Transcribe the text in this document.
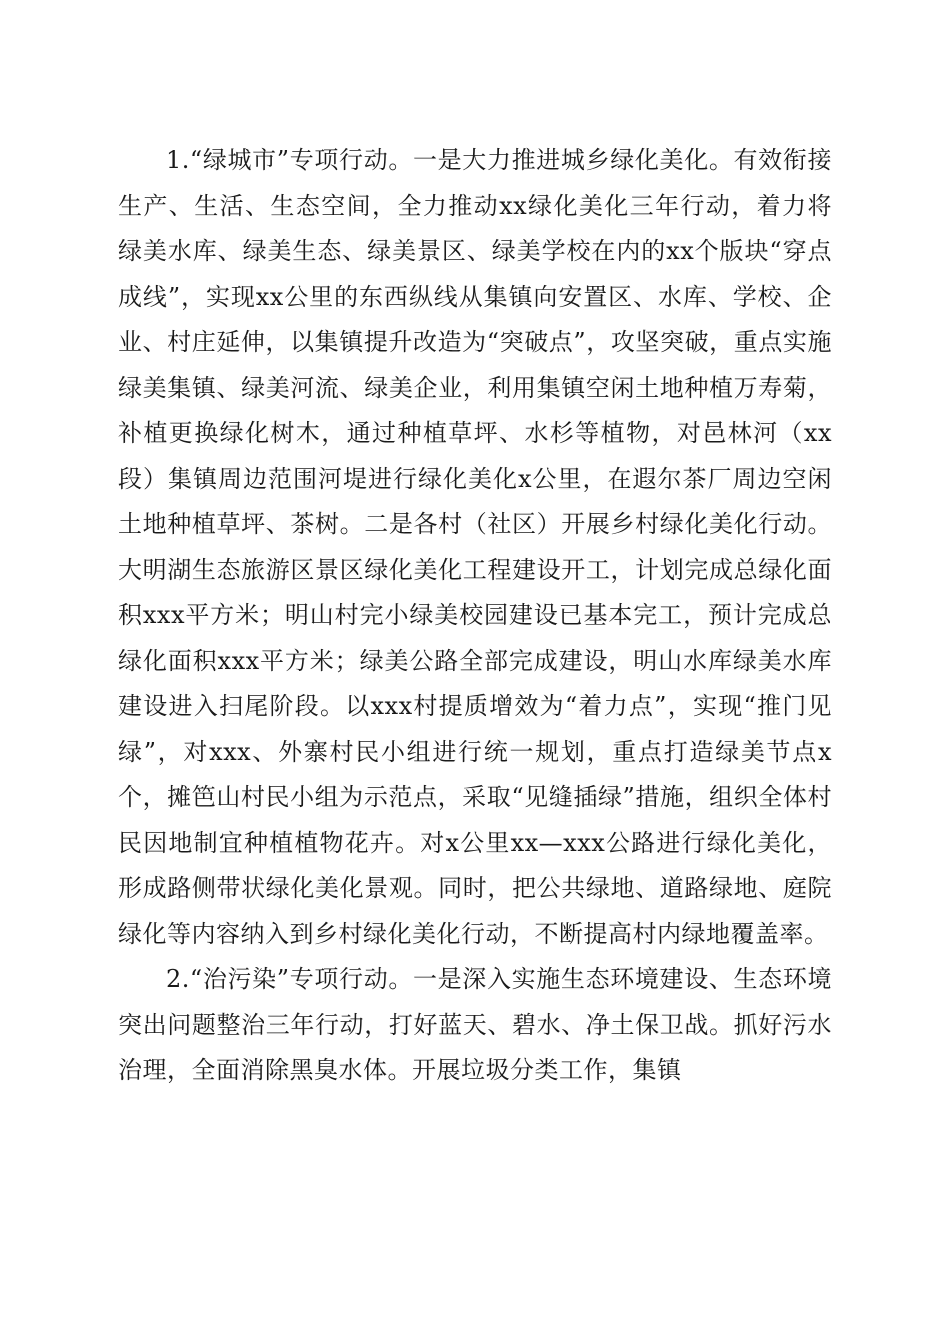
1.“绿城市”专项行动。一是大力推进城乡绿化美化。有效衔接生产、生活、生态空间，全力推动xx绿化美化三年行动，着力将绿美水库、绿美生态、绿美景区、绿美学校在内的xx个版块“穿点成线”，实现xx公里的东西纵线从集镇向安置区、水库、学校、企业、村庄延伸，以集镇提升改造为“突破点”，攻坚突破，重点实施绿美集镇、绿美河流、绿美企业，利用集镇空闲土地种植万寿菊，补植更换绿化树木，通过种植草坪、水杉等植物，对邑林河（xx段）集镇周边范围河堤进行绿化美化x公里，在遐尔茶厂周边空闲土地种植草坪、茶树。二是各村（社区）开展乡村绿化美化行动。大明湖生态旅游区景区绿化美化工程建设开工，计划完成总绿化面积xxx平方米；明山村完小绿美校园建设已基本完工，预计完成总绿化面积xxx平方米；绿美公路全部完成建设，明山水库绿美水库建设进入扫尾阶段。以xxx村提质增效为“着力点”，实现“推门见绿”，对xxx、外寨村民小组进行统一规划，重点打造绿美节点x个，摊笆山村民小组为示范点，采取“见缝插绿”措施，组织全体村民因地制宜种植植物花卉。对x公里xx—xxx公路进行绿化美化，形成路侧带状绿化美化景观。同时，把公共绿地、道路绿地、庭院绿化等内容纳入到乡村绿化美化行动，不断提高村内绿地覆盖率。

2.“治污染”专项行动。一是深入实施生态环境建设、生态环境突出问题整治三年行动，打好蓝天、碧水、净土保卫战。抓好污水治理，全面消除黑臭水体。开展垃圾分类工作，集镇
